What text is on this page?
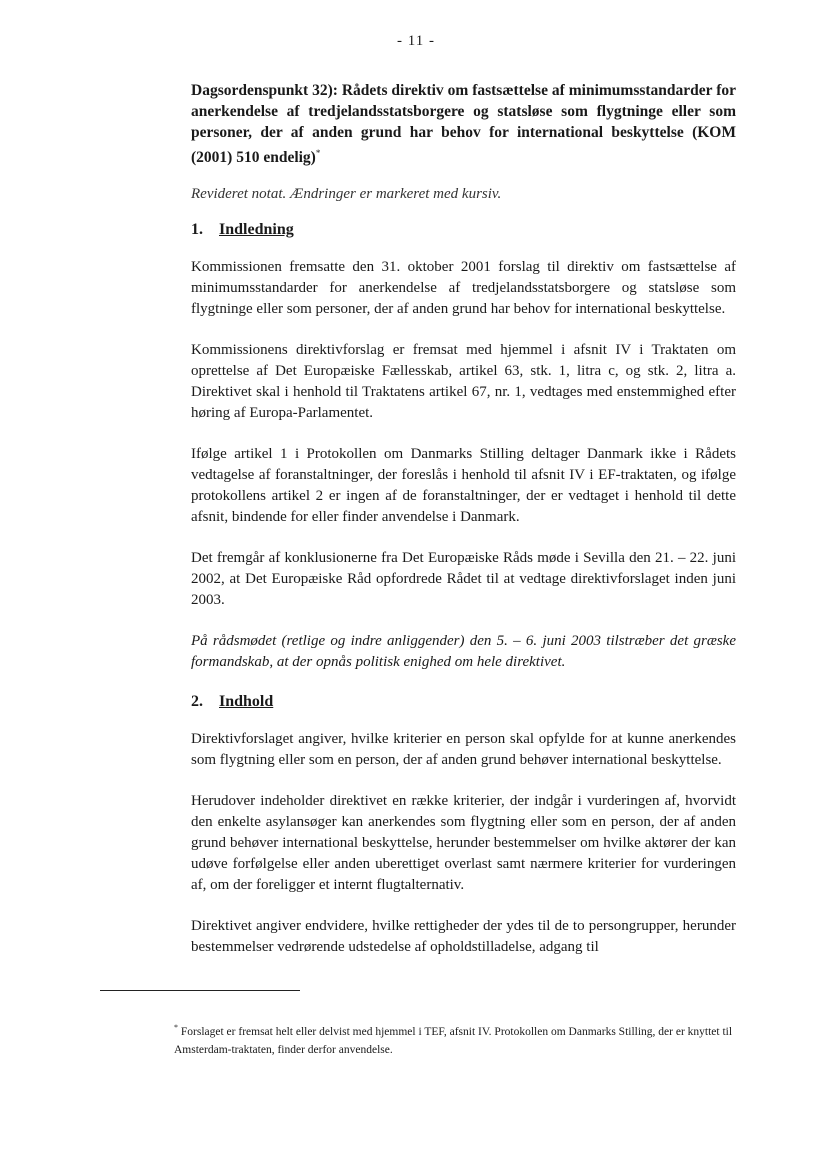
- 11 -
Dagsordenspunkt 32): Rådets direktiv om fastsættelse af minimumsstandarder for anerkendelse af tredjelandsstatsborgere og statsløse som flygtninge eller som personer, der af anden grund har behov for international beskyttelse (KOM (2001) 510 endelig)*
Revideret notat. Ændringer er markeret med kursiv.
1. Indledning

Kommissionen fremsatte den 31. oktober 2001 forslag til direktiv om fastsættelse af minimumsstandarder for anerkendelse af tredjelandsstatsborgere og statsløse som flygtninge eller som personer, der af anden grund har behov for international beskyttelse.

Kommissionens direktivforslag er fremsat med hjemmel i afsnit IV i Traktaten om oprettelse af Det Europæiske Fællesskab, artikel 63, stk. 1, litra c, og stk. 2, litra a. Direktivet skal i henhold til Traktatens artikel 67, nr. 1, vedtages med enstemmighed efter høring af Europa-Parlamentet.

Ifølge artikel 1 i Protokollen om Danmarks Stilling deltager Danmark ikke i Rådets vedtagelse af foranstaltninger, der foreslås i henhold til afsnit IV i EF-traktaten, og ifølge protokollens artikel 2 er ingen af de foranstaltninger, der er vedtaget i henhold til dette afsnit, bindende for eller finder anvendelse i Danmark.

Det fremgår af konklusionerne fra Det Europæiske Råds møde i Sevilla den 21. – 22. juni 2002, at Det Europæiske Råd opfordrede Rådet til at vedtage direktivforslaget inden juni 2003.

På rådsmødet (retlige og indre anliggender) den 5. – 6. juni 2003 tilstræber det græske formandskab, at der opnås politisk enighed om hele direktivet.

2. Indhold

Direktivforslaget angiver, hvilke kriterier en person skal opfylde for at kunne anerkendes som flygtning eller som en person, der af anden grund behøver international beskyttelse.

Herudover indeholder direktivet en række kriterier, der indgår i vurderingen af, hvorvidt den enkelte asylansøger kan anerkendes som flygtning eller som en person, der af anden grund behøver international beskyttelse, herunder bestemmelser om hvilke aktører der kan udøve forfølgelse eller anden uberettiget overlast samt nærmere kriterier for vurderingen af, om der foreligger et internt flugtalternativ.

Direktivet angiver endvidere, hvilke rettigheder der ydes til de to persongrupper, herunder bestemmelser vedrørende udstedelse af opholdstilladelse, adgang til

* Forslaget er fremsat helt eller delvist med hjemmel i TEF, afsnit IV. Protokollen om Danmarks Stilling, der er knyttet til Amsterdam-traktaten, finder derfor anvendelse.
